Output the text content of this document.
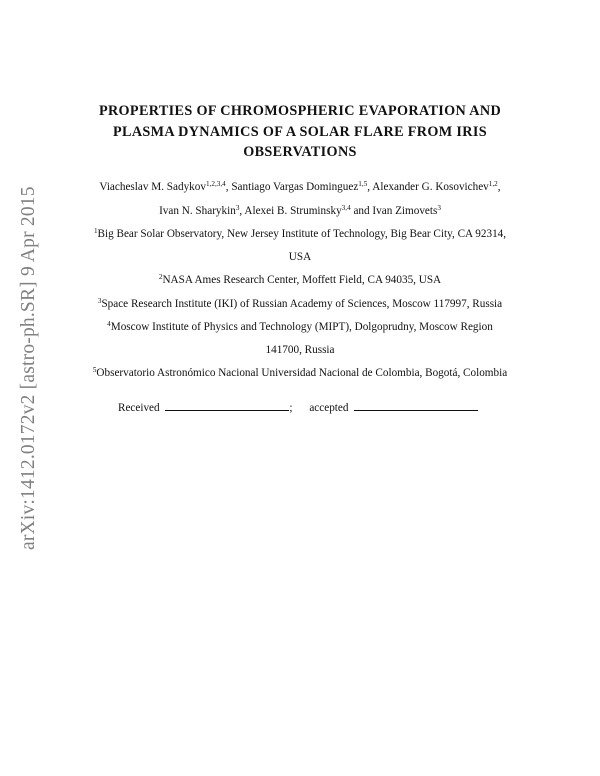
arXiv:1412.0172v2 [astro-ph.SR] 9 Apr 2015
PROPERTIES OF CHROMOSPHERIC EVAPORATION AND
PLASMA DYNAMICS OF A SOLAR FLARE FROM IRIS
OBSERVATIONS
Viacheslav M. Sadykov$^{1,2,3,4}$, Santiago Vargas Dominguez$^{1,5}$, Alexander G. Kosovichev$^{1,2}$,
Ivan N. Sharykin$^3$, Alexei B. Struminsky$^{3,4}$ and Ivan Zimovets$^3$
$^1$Big Bear Solar Observatory, New Jersey Institute of Technology, Big Bear City, CA 92314,
USA
$^2$NASA Ames Research Center, Moffett Field, CA 94035, USA
$^3$Space Research Institute (IKI) of Russian Academy of Sciences, Moscow 117997, Russia
$^4$Moscow Institute of Physics and Technology (MIPT), Dolgoprudny, Moscow Region
141700, Russia
$^5$Observatorio Astronómico Nacional Universidad Nacional de Colombia, Bogotá, Colombia
Received	; accepted
